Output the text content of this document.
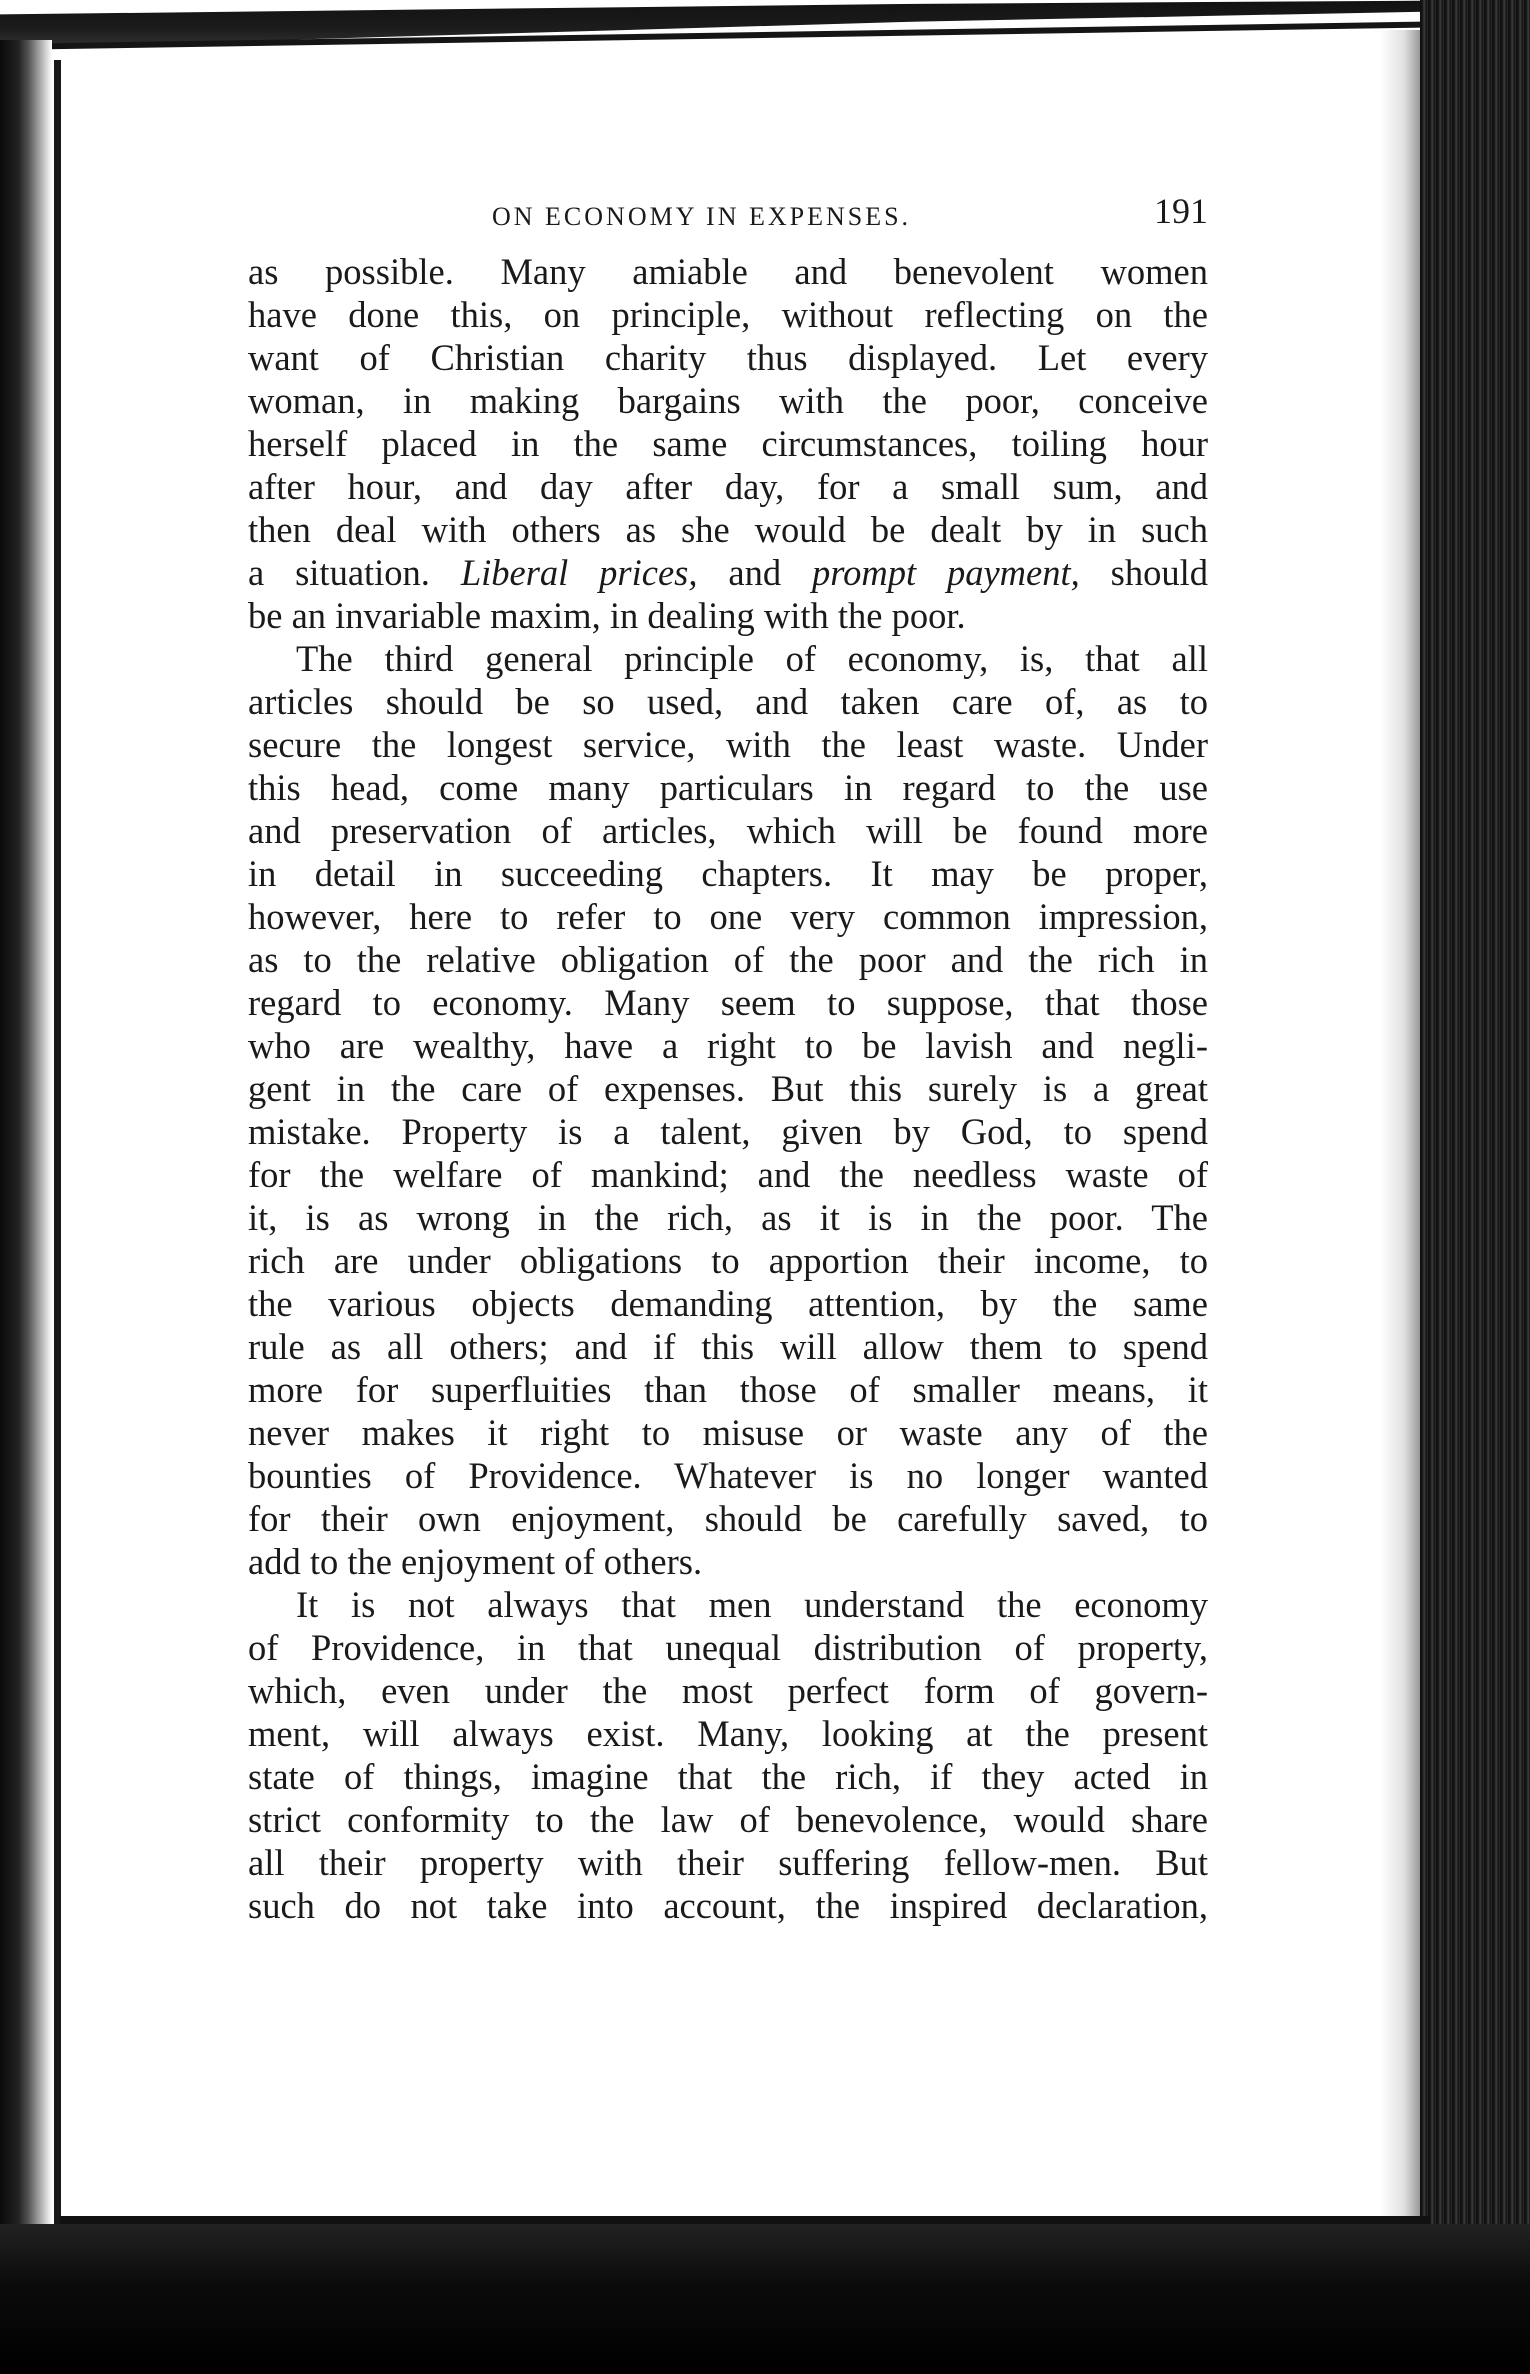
ON ECONOMY IN EXPENSES.	191
as possible. Many amiable and benevolent women
have done this, on principle, without reflecting on the
want of Christian charity thus displayed. Let every
woman, in making bargains with the poor, conceive
herself placed in the same circumstances, toiling hour
after hour, and day after day, for a small sum, and
then deal with others as she would be dealt by in such
a situation. Liberal prices, and prompt payment, should
be an invariable maxim, in dealing with the poor.
The third general principle of economy, is, that all
articles should be so used, and taken care of, as to
secure the longest service, with the least waste. Under
this head, come many particulars in regard to the use
and preservation of articles, which will be found more
in detail in succeeding chapters. It may be proper,
however, here to refer to one very common impression,
as to the relative obligation of the poor and the rich in
regard to economy. Many seem to suppose, that those
who are wealthy, have a right to be lavish and negli-
gent in the care of expenses. But this surely is a great
mistake. Property is a talent, given by God, to spend
for the welfare of mankind; and the needless waste of
it, is as wrong in the rich, as it is in the poor. The
rich are under obligations to apportion their income, to
the various objects demanding attention, by the same
rule as all others; and if this will allow them to spend
more for superfluities than those of smaller means, it
never makes it right to misuse or waste any of the
bounties of Providence. Whatever is no longer wanted
for their own enjoyment, should be carefully saved, to
add to the enjoyment of others.
It is not always that men understand the economy
of Providence, in that unequal distribution of property,
which, even under the most perfect form of govern-
ment, will always exist. Many, looking at the present
state of things, imagine that the rich, if they acted in
strict conformity to the law of benevolence, would share
all their property with their suffering fellow-men. But
such do not take into account, the inspired declaration,
